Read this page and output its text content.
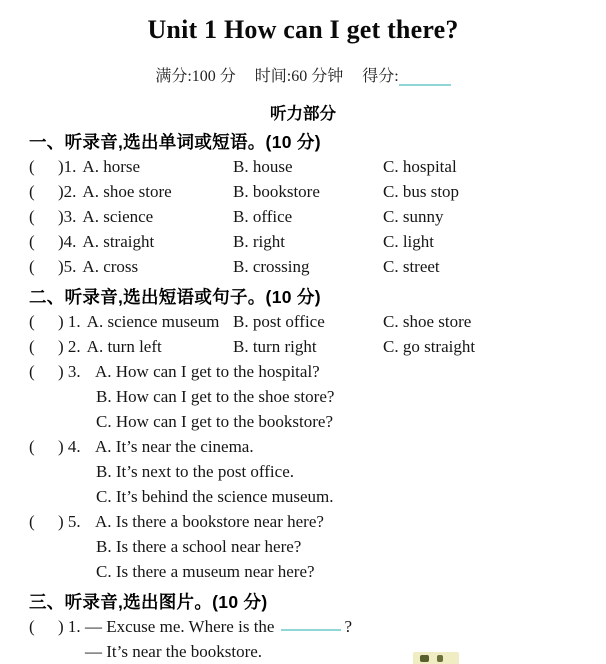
Unit 1 How can I get there?
满分:100 分 时间:60 分钟 得分:
听力部分
一、听录音,选出单词或短语。(10 分)
(	)1. A. horse	B. house	C. hospital
(	)2. A. shoe store	B. bookstore	C. bus stop
(	)3. A. science	B. office	C. sunny
(	)4. A. straight	B. right	C. light
(	)5. A. cross	B. crossing	C. street
二、听录音,选出短语或句子。(10 分)
(	) 1. A. science museum B. post office	C. shoe store
(	) 2. A. turn left	B. turn right	C. go straight
(	) 3. A. How can I get to the hospital?
B. How can I get to the shoe store?
C. How can I get to the bookstore?
(	) 4. A. It’s near the cinema.
B. It’s next to the post office.
C. It’s behind the science museum.
(	) 5. A. Is there a bookstore near here?
B. Is there a school near here?
C. Is there a museum near here?
三、听录音,选出图片。(10 分)
(	) 1. — Excuse me. Where is the	?
— It’s near the bookstore.
